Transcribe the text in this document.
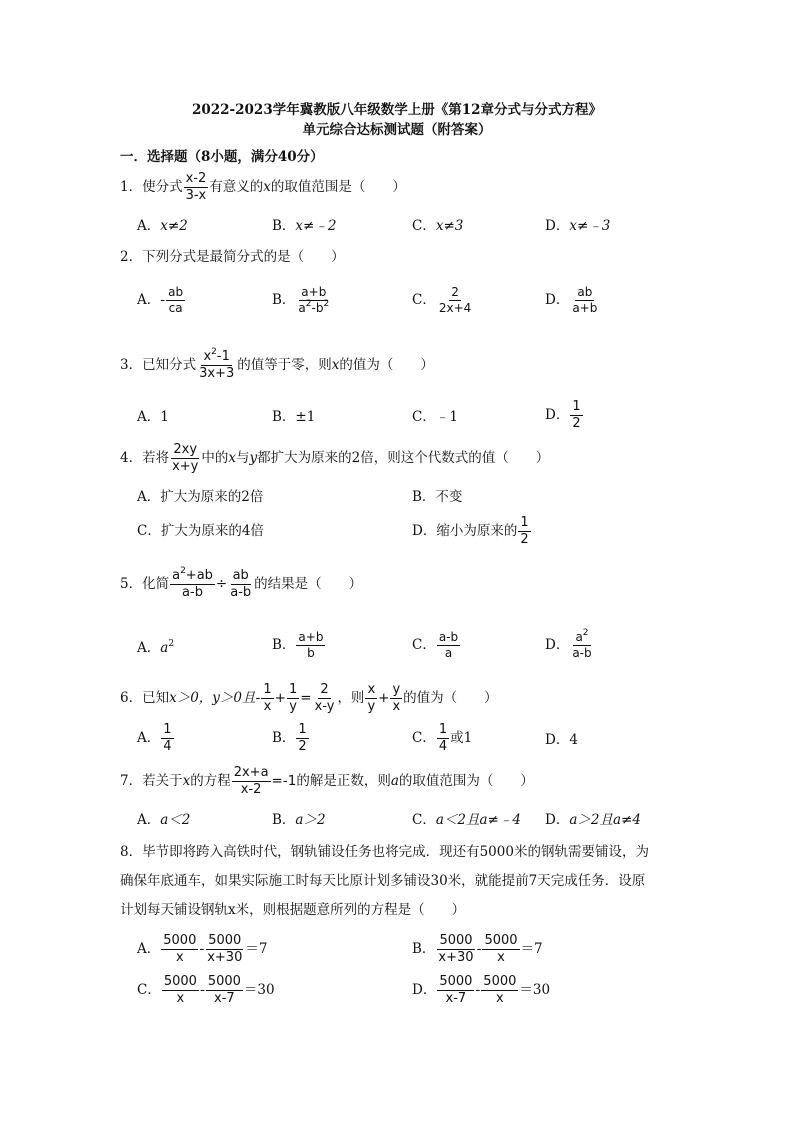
2022-2023学年冀教版八年级数学上册《第12章分式与分式方程》
单元综合达标测试题（附答案）
一．选择题（8小题，满分40分）
1．使分式 $\frac{x-2}{3-x}$ 有意义的x的取值范围是（　　）
A．x≠2	B．x≠﹣2	C．x≠3	D．x≠﹣3
2．下列分式是最简分式的是（　　）
A．- $\frac{ab}{ca}$	B． $\frac{a+b}{a^2-b^2}$	C． $\frac{2}{2x+4}$	D． $\frac{ab}{a+b}$
3．已知分式 $\frac{x^2-1}{3x+3}$ 的值等于零，则x的值为（　　）
A．1	B．±1	C．﹣1	D． $\frac{1}{2}$
4．若将 $\frac{2xy}{x+y}$ 中的x与y都扩大为原来的2倍，则这个代数式的值（　　）
A．扩大为原来的2倍	B．不变
C．扩大为原来的4倍	D．缩小为原来的 $\frac{1}{2}$
5．化简 $\frac{a^2+ab}{a-b} \div \frac{ab}{a-b}$ 的结果是（　　）
A．$a^2$	B． $\frac{a+b}{b}$	C． $\frac{a-b}{a}$	D． $\frac{a^2}{a-b}$
6．已知x＞0，y＞0且- $\frac{1}{x} + \frac{1}{y} = \frac{2}{x-y}$ ，则 $\frac{x}{y} + \frac{y}{x}$ 的值为（　　）
A． $\frac{1}{4}$	B． $\frac{1}{2}$	C． $\frac{1}{4}$ 或1	D．4
7．若关于x的方程 $\frac{2x+a}{x-2} =-1$的解是正数，则a的取值范围为（　　）
A．a＜2	B．a＞2	C．a＜2且a≠﹣4 D．a＞2且a≠4
8．毕节即将跨入高铁时代，钢轨铺设任务也将完成．现还有5000米的钢轨需要铺设，为确保年底通车，如果实际施工时每天比原计划多铺设30米，就能提前7天完成任务．设原计划每天铺设钢轨x米，则根据题意所列的方程是（　　）
A． $\frac{5000}{x} - \frac{5000}{x+30} =7$	B． $\frac{5000}{x+30} - \frac{5000}{x} =7$
C． $\frac{5000}{x} - \frac{5000}{x-7} =30$	D． $\frac{5000}{x-7} - \frac{5000}{x} =30$
